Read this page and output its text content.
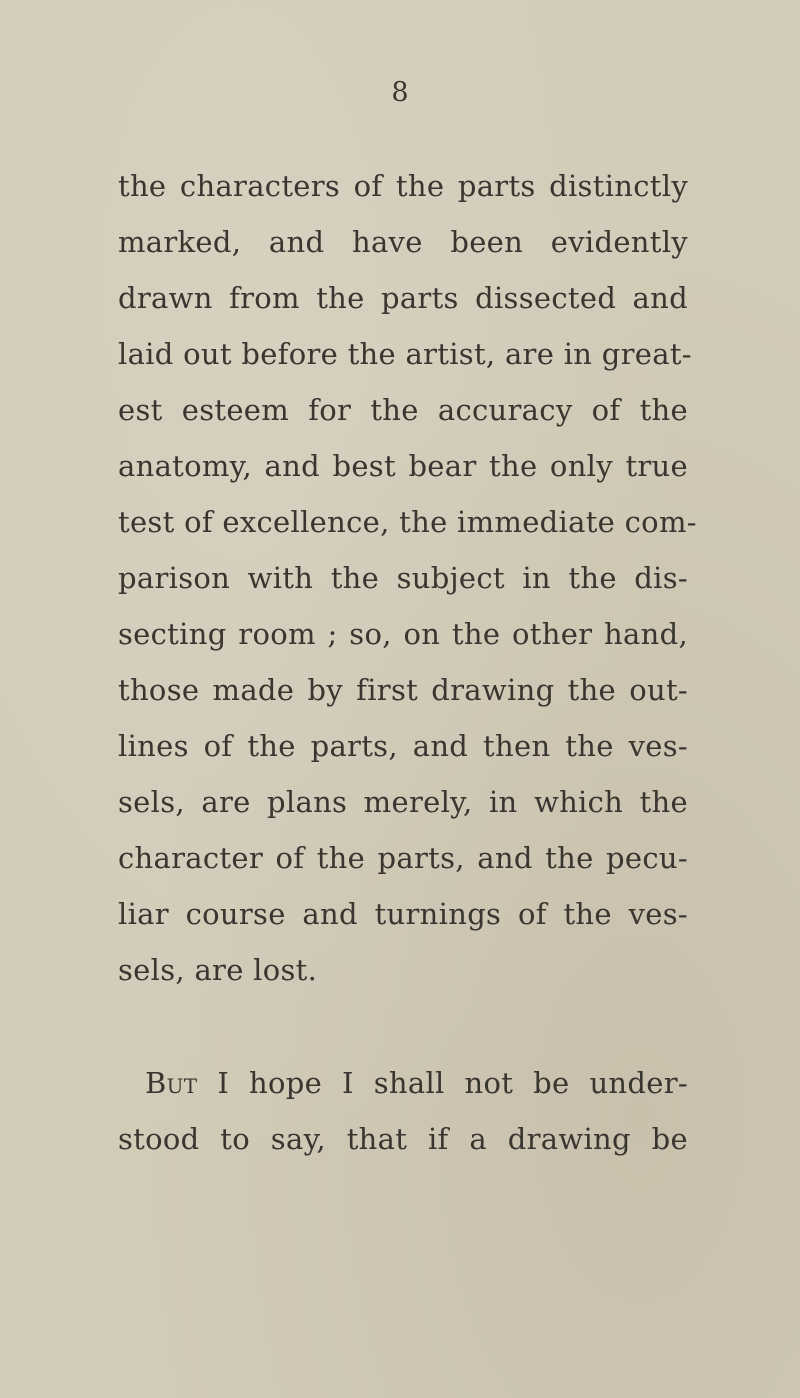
8
the characters of the parts distinctly
marked, and have been evidently
drawn from the parts dissected and
laid out before the artist, are in great-
est esteem for the accuracy of the
anatomy, and best bear the only true
test of excellence, the immediate com-
parison with the subject in the dis-
secting room ; so, on the other hand,
those made by first drawing the out-
lines of the parts, and then the ves-
sels, are plans merely, in which the
character of the parts, and the pecu-
liar course and turnings of the ves-
sels, are lost.
But I hope I shall not be under-
stood to say, that if a drawing be
